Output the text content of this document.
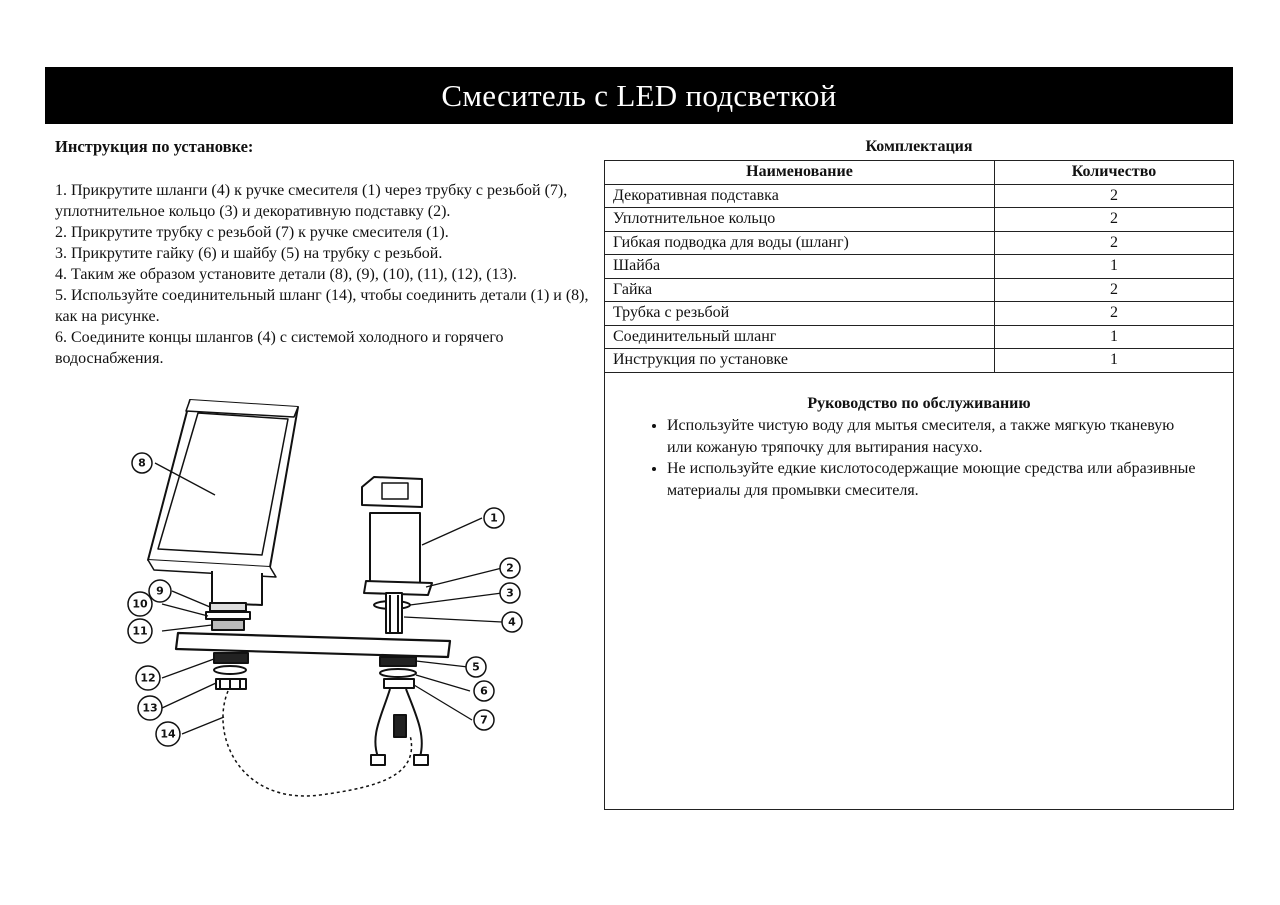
Смеситель с LED подсветкой
Инструкция по установке:
1. Прикрутите шланги (4) к ручке смесителя (1) через трубку с резьбой (7), уплотнительное кольцо (3) и декоративную подставку (2).
2. Прикрутите трубку с резьбой (7) к ручке смесителя (1).
3. Прикрутите гайку (6) и шайбу (5) на трубку с резьбой.
4. Таким же образом установите детали (8), (9), (10), (11), (12), (13).
5. Используйте соединительный шланг (14), чтобы соединить детали (1) и (8), как на рисунке.
6. Соедините концы шлангов (4) с системой холодного и горячего водоснабжения.
8
9
10
11
12
13
14
1
2
3
4
5
6
7
Комплектация
Наименование	Количество
Декоративная подставка	2
Уплотнительное кольцо	2
Гибкая подводка для воды (шланг)	2
Шайба	1
Гайка	2
Трубка с резьбой	2
Соединительный шланг	1
Инструкция по установке	1
Руководство по обслуживанию
• Используйте чистую воду для мытья смесителя, а также мягкую тканевую или кожаную тряпочку для вытирания насухо.
• Не используйте едкие кислотосодержащие моющие средства или абразивные материалы для промывки смесителя.
